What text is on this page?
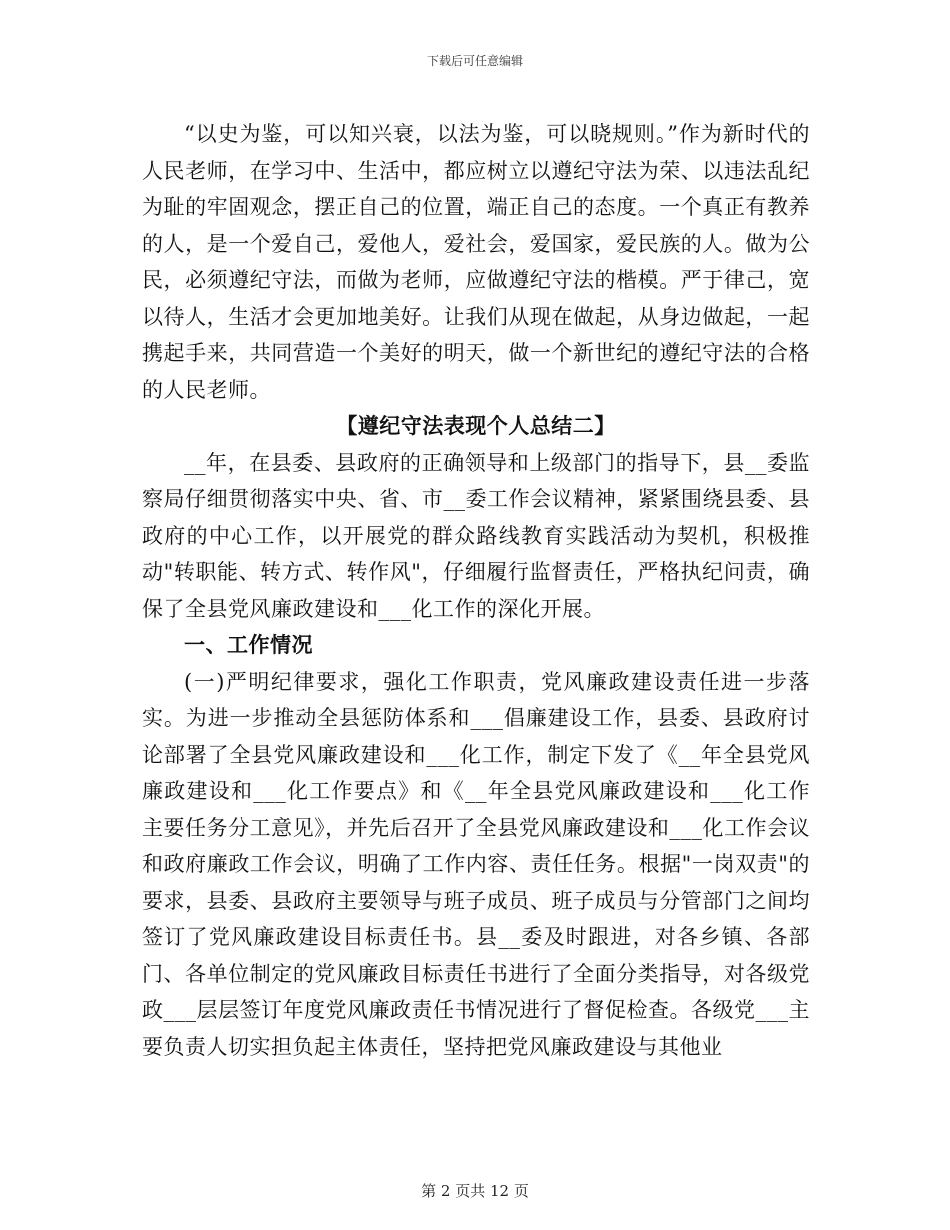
下载后可任意编辑

“以史为鉴，可以知兴衰，以法为鉴，可以晓规则。”作为新时代的人民老师，在学习中、生活中，都应树立以遵纪守法为荣、以违法乱纪为耻的牢固观念，摆正自己的位置，端正自己的态度。一个真正有教养的人，是一个爱自己，爱他人，爱社会，爱国家，爱民族的人。做为公民，必须遵纪守法，而做为老师，应做遵纪守法的楷模。严于律己，宽以待人，生活才会更加地美好。让我们从现在做起，从身边做起，一起携起手来，共同营造一个美好的明天，做一个新世纪的遵纪守法的合格的人民老师。

【遵纪守法表现个人总结二】

__年，在县委、县政府的正确领导和上级部门的指导下，县__委监察局仔细贯彻落实中央、省、市__委工作会议精神，紧紧围绕县委、县政府的中心工作，以开展党的群众路线教育实践活动为契机，积极推动"转职能、转方式、转作风"，仔细履行监督责任，严格执纪问责，确保了全县党风廉政建设和___化工作的深化开展。

一、工作情况

(一)严明纪律要求，强化工作职责，党风廉政建设责任进一步落实。为进一步推动全县惩防体系和___倡廉建设工作，县委、县政府讨论部署了全县党风廉政建设和___化工作，制定下发了《__年全县党风廉政建设和___化工作要点》和《__年全县党风廉政建设和___化工作主要任务分工意见》，并先后召开了全县党风廉政建设和___化工作会议和政府廉政工作会议，明确了工作内容、责任任务。根据"一岗双责"的要求，县委、县政府主要领导与班子成员、班子成员与分管部门之间均签订了党风廉政建设目标责任书。县__委及时跟进，对各乡镇、各部门、各单位制定的党风廉政目标责任书进行了全面分类指导，对各级党政___层层签订年度党风廉政责任书情况进行了督促检查。各级党___主要负责人切实担负起主体责任，坚持把党风廉政建设与其他业

第 2 页共 12 页
